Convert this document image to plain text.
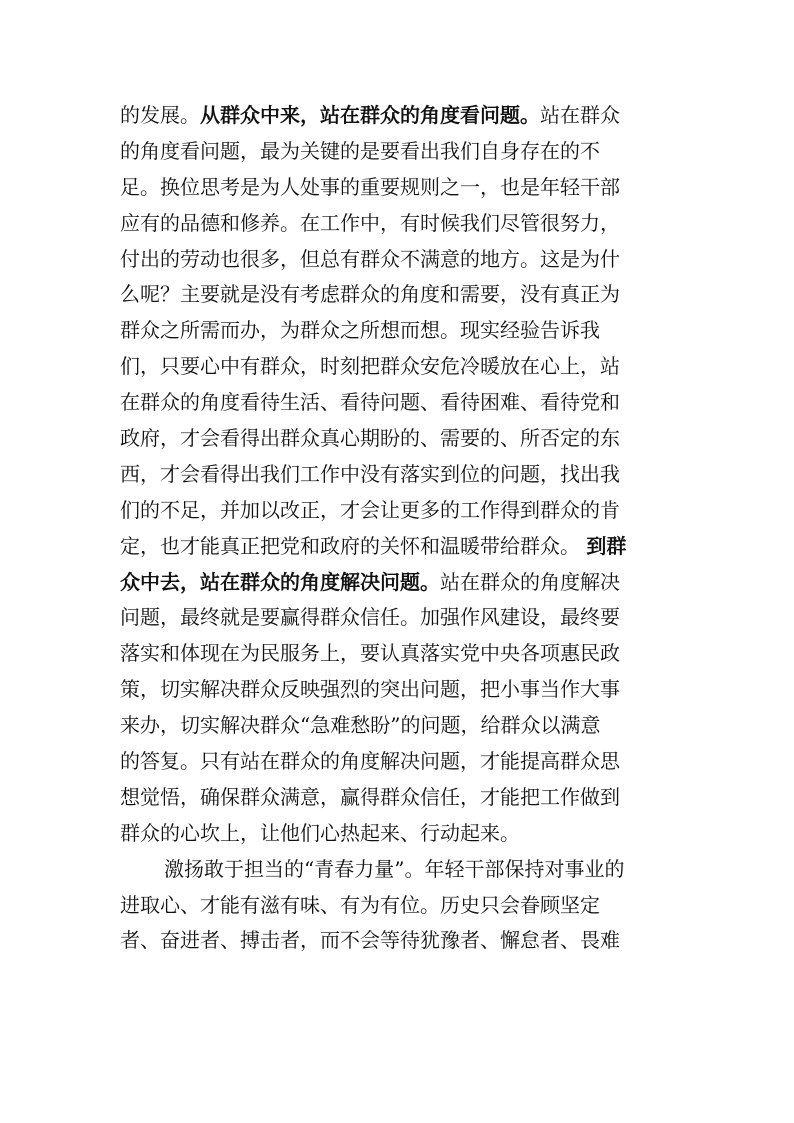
的发展。从群众中来，站在群众的角度看问题。站在群众
的角度看问题，最为关键的是要看出我们自身存在的不
足。换位思考是为人处事的重要规则之一，也是年轻干部
应有的品德和修养。在工作中，有时候我们尽管很努力，
付出的劳动也很多，但总有群众不满意的地方。这是为什
么呢？主要就是没有考虑群众的角度和需要，没有真正为
群众之所需而办，为群众之所想而想。现实经验告诉我
们，只要心中有群众，时刻把群众安危冷暖放在心上，站
在群众的角度看待生活、看待问题、看待困难、看待党和
政府，才会看得出群众真心期盼的、需要的、所否定的东
西，才会看得出我们工作中没有落实到位的问题，找出我
们的不足，并加以改正，才会让更多的工作得到群众的肯
定，也才能真正把党和政府的关怀和温暖带给群众。 到群
众中去，站在群众的角度解决问题。站在群众的角度解决
问题，最终就是要赢得群众信任。加强作风建设，最终要
落实和体现在为民服务上，要认真落实党中央各项惠民政
策，切实解决群众反映强烈的突出问题，把小事当作大事
来办，切实解决群众“急难愁盼”的问题，给群众以满意
的答复。只有站在群众的角度解决问题，才能提高群众思
想觉悟，确保群众满意，赢得群众信任，才能把工作做到
群众的心坎上，让他们心热起来、行动起来。
激扬敢于担当的“青春力量”。年轻干部保持对事业的
进取心、才能有滋有味、有为有位。历史只会眷顾坚定
者、奋进者、搏击者，而不会等待犹豫者、懈怠者、畏难
